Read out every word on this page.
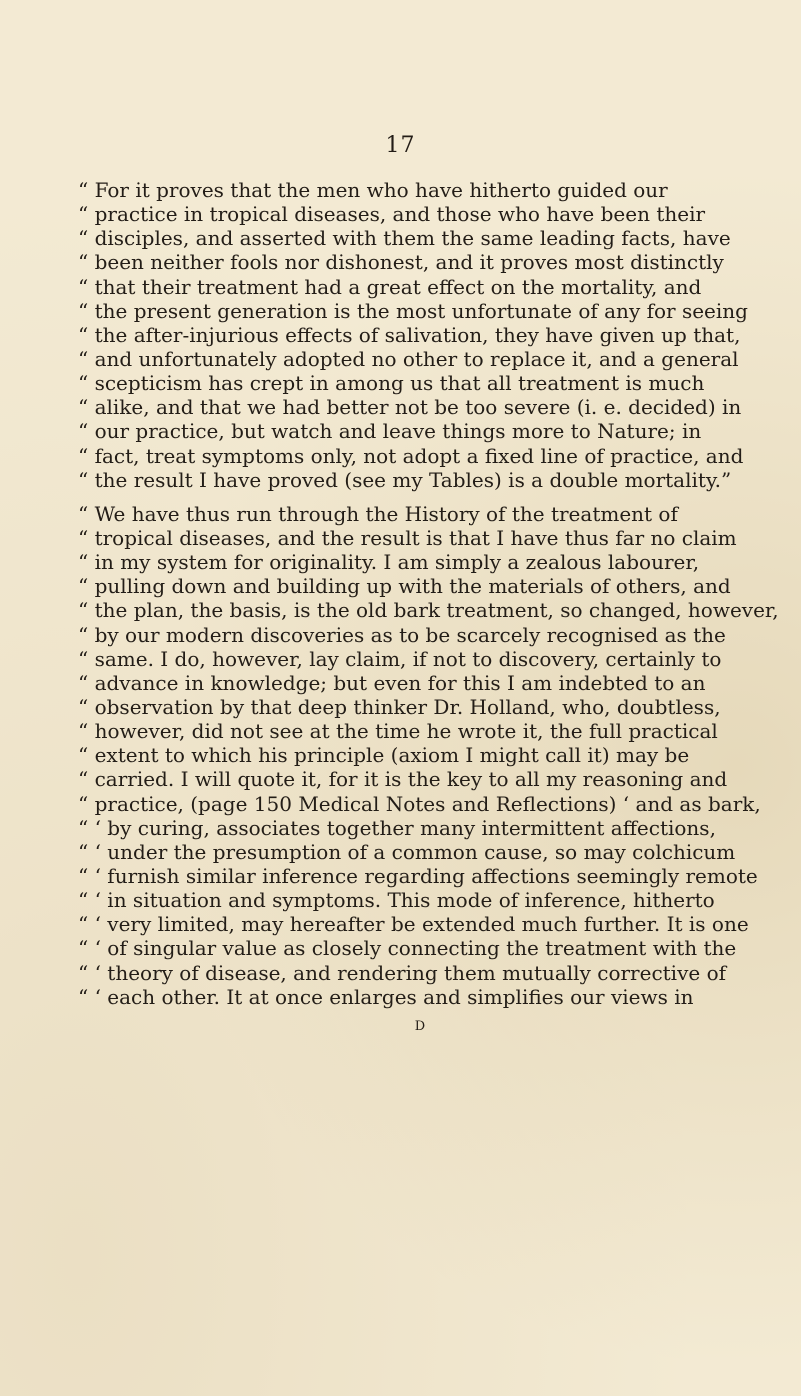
17
“ For it proves that the men who have hitherto guided our
“ practice in tropical diseases, and those who have been their
“ disciples, and asserted with them the same leading facts, have
“ been neither fools nor dishonest, and it proves most distinctly
“ that their treatment had a great effect on the mortality, and
“ the present generation is the most unfortunate of any for seeing
“ the after-injurious effects of salivation, they have given up that,
“ and unfortunately adopted no other to replace it, and a general
“ scepticism has crept in among us that all treatment is much
“ alike, and that we had better not be too severe (i. e. decided) in
“ our practice, but watch and leave things more to Nature; in
“ fact, treat symptoms only, not adopt a fixed line of practice, and
“ the result I have proved (see my Tables) is a double mortality.”
“ We have thus run through the History of the treatment of
“ tropical diseases, and the result is that I have thus far no claim
“ in my system for originality. I am simply a zealous labourer,
“ pulling down and building up with the materials of others, and
“ the plan, the basis, is the old bark treatment, so changed, however,
“ by our modern discoveries as to be scarcely recognised as the
“ same. I do, however, lay claim, if not to discovery, certainly to
“ advance in knowledge; but even for this I am indebted to an
“ observation by that deep thinker Dr. Holland, who, doubtless,
“ however, did not see at the time he wrote it, the full practical
“ extent to which his principle (axiom I might call it) may be
“ carried. I will quote it, for it is the key to all my reasoning and
“ practice, (page 150 Medical Notes and Reflections) ‘ and as bark,
“ ‘ by curing, associates together many intermittent affections,
“ ‘ under the presumption of a common cause, so may colchicum
“ ‘ furnish similar inference regarding affections seemingly remote
“ ‘ in situation and symptoms. This mode of inference, hitherto
“ ‘ very limited, may hereafter be extended much further. It is one
“ ‘ of singular value as closely connecting the treatment with the
“ ‘ theory of disease, and rendering them mutually corrective of
“ ‘ each other. It at once enlarges and simplifies our views in
D
